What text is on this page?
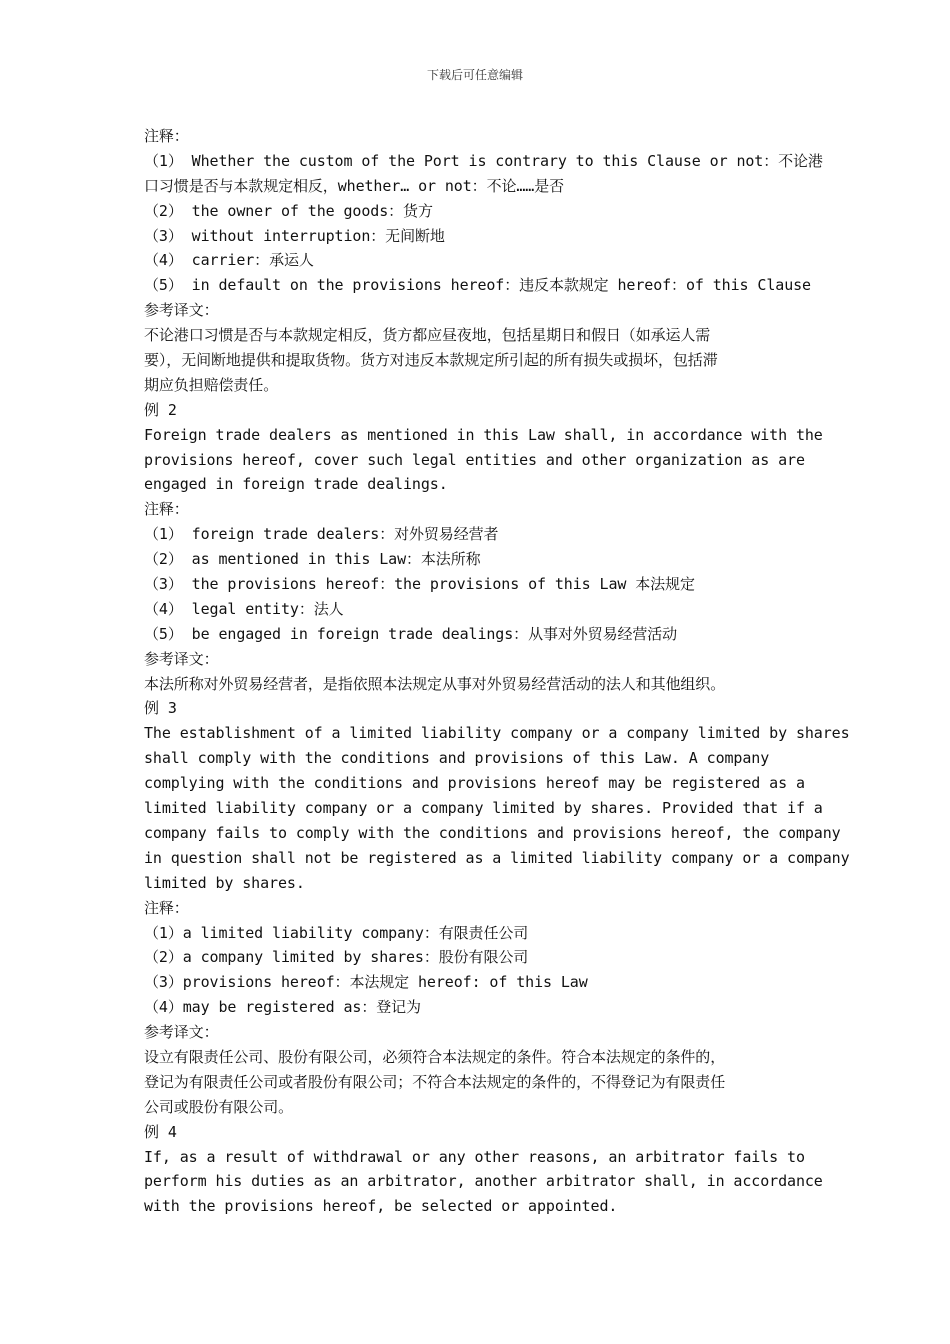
下载后可任意编辑
注释：
（1） Whether the custom of the Port is contrary to this Clause or not：不论港
口习惯是否与本款规定相反，whether… or not：不论……是否
（2） the owner of the goods：货方
（3） without interruption：无间断地
（4） carrier：承运人
（5） in default on the provisions hereof：违反本款规定 hereof：of this Clause
参考译文：
不论港口习惯是否与本款规定相反，货方都应昼夜地，包括星期日和假日（如承运人需
要），无间断地提供和提取货物。货方对违反本款规定所引起的所有损失或损坏，包括滞
期应负担赔偿责任。
例 2
Foreign trade dealers as mentioned in this Law shall, in accordance with the
provisions hereof, cover such legal entities and other organization as are
engaged in foreign trade dealings.
注释：
（1） foreign trade dealers：对外贸易经营者
（2） as mentioned in this Law：本法所称
（3） the provisions hereof：the provisions of this Law 本法规定
（4） legal entity：法人
（5） be engaged in foreign trade dealings：从事对外贸易经营活动
参考译文：
本法所称对外贸易经营者，是指依照本法规定从事对外贸易经营活动的法人和其他组织。
例 3
The establishment of a limited liability company or a company limited by shares
shall comply with the conditions and provisions of this Law. A company
complying with the conditions and provisions hereof may be registered as a
limited liability company or a company limited by shares. Provided that if a
company fails to comply with the conditions and provisions hereof, the company
in question shall not be registered as a limited liability company or a company
limited by shares.
注释：
（1）a limited liability company：有限责任公司
（2）a company limited by shares：股份有限公司
（3）provisions hereof：本法规定 hereof: of this Law
（4）may be registered as：登记为
参考译文：
设立有限责任公司、股份有限公司，必须符合本法规定的条件。符合本法规定的条件的，
登记为有限责任公司或者股份有限公司；不符合本法规定的条件的，不得登记为有限责任
公司或股份有限公司。
例 4
If, as a result of withdrawal or any other reasons, an arbitrator fails to
perform his duties as an arbitrator, another arbitrator shall, in accordance
with the provisions hereof, be selected or appointed.
